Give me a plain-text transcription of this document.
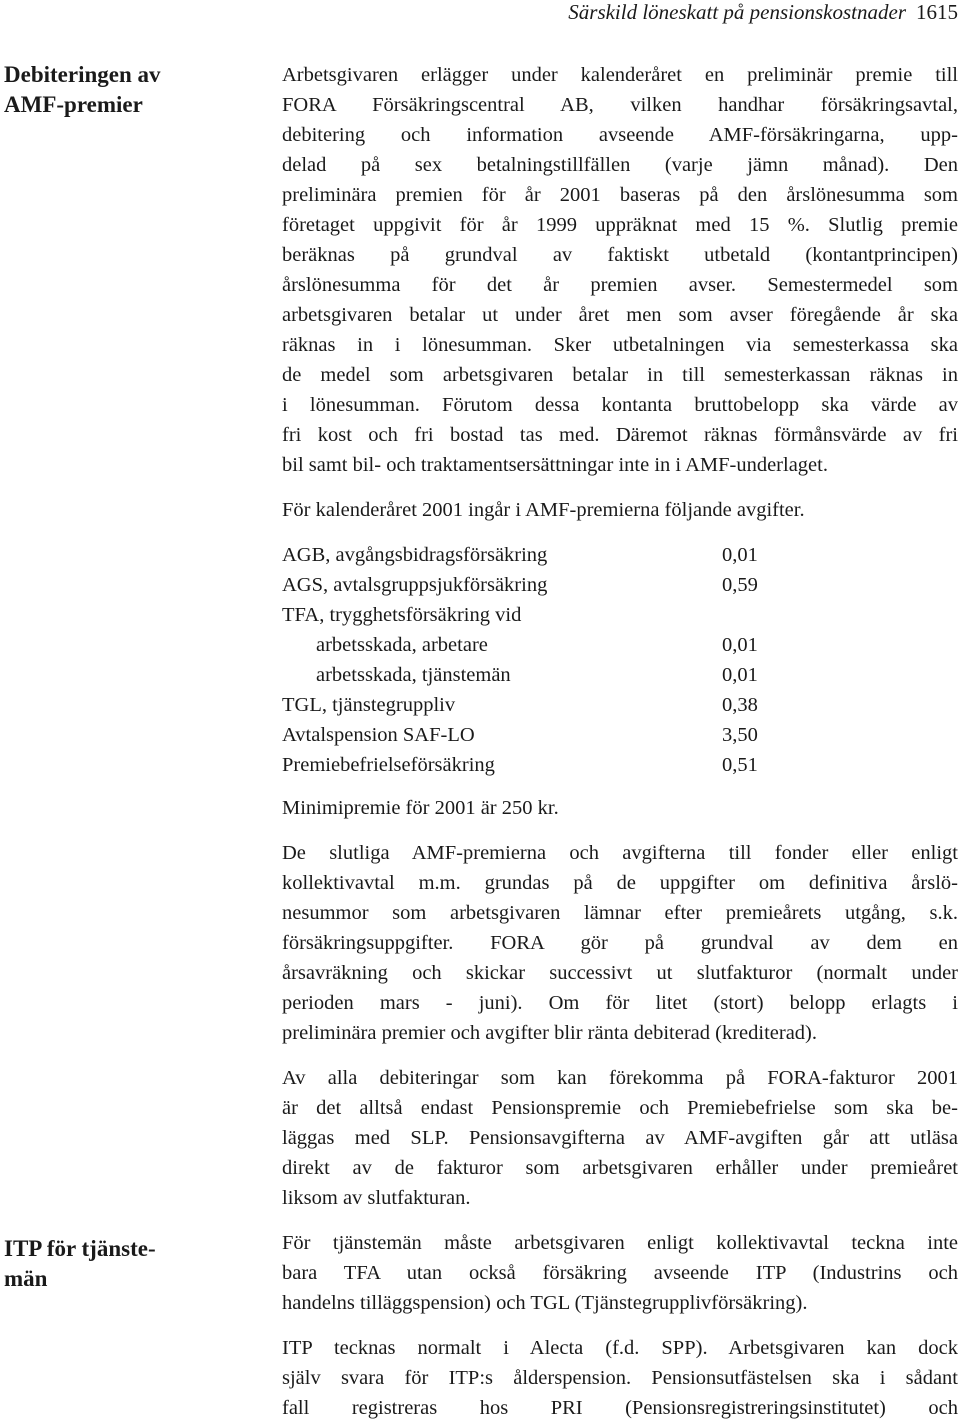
Särskild löneskatt på pensionskostnader 1615
Debiteringen av
AMF-premier
ITP för tjänste-
män
Arbetsgivaren erlägger under kalenderåret en preliminär premie till
FORA Försäkringscentral AB, vilken handhar försäkringsavtal,
debitering och information avseende AMF-försäkringarna, upp-
delad på sex betalningstillfällen (varje jämn månad). Den
preliminära premien för år 2001 baseras på den årslönesumma som
företaget uppgivit för år 1999 uppräknat med 15 %. Slutlig premie
beräknas på grundval av faktiskt utbetald (kontantprincipen)
årslönesumma för det år premien avser. Semestermedel som
arbetsgivaren betalar ut under året men som avser föregående år ska
räknas in i lönesumman. Sker utbetalningen via semesterkassa ska
de medel som arbetsgivaren betalar in till semesterkassan räknas in
i lönesumman. Förutom dessa kontanta bruttobelopp ska värde av
fri kost och fri bostad tas med. Däremot räknas förmånsvärde av fri
bil samt bil- och traktamentsersättningar inte in i AMF-underlaget.
För kalenderåret 2001 ingår i AMF-premierna följande avgifter.
AGB, avgångsbidragsförsäkring	0,01
AGS, avtalsgruppsjukförsäkring	0,59
TFA, trygghetsförsäkring vid
arbetsskada, arbetare	0,01
arbetsskada, tjänstemän	0,01
TGL, tjänstegruppliv	0,38
Avtalspension SAF-LO	3,50
Premiebefrielseförsäkring	0,51
Minimipremie för 2001 är 250 kr.
De slutliga AMF-premierna och avgifterna till fonder eller enligt
kollektivavtal m.m. grundas på de uppgifter om definitiva årslö-
nesummor som arbetsgivaren lämnar efter premieårets utgång, s.k.
försäkringsuppgifter. FORA gör på grundval av dem en
årsavräkning och skickar successivt ut slutfakturor (normalt under
perioden mars - juni). Om för litet (stort) belopp erlagts i
preliminära premier och avgifter blir ränta debiterad (krediterad).
Av alla debiteringar som kan förekomma på FORA-fakturor 2001
är det alltså endast Pensionspremie och Premiebefrielse som ska be-
läggas med SLP. Pensionsavgifterna av AMF-avgiften går att utläsa
direkt av de fakturor som arbetsgivaren erhåller under premieåret
liksom av slutfakturan.
För tjänstemän måste arbetsgivaren enligt kollektivavtal teckna inte
bara TFA utan också försäkring avseende ITP (Industrins och
handelns tilläggspension) och TGL (Tjänstegrupplivförsäkring).
ITP tecknas normalt i Alecta (f.d. SPP). Arbetsgivaren kan dock
själv svara för ITP:s ålderspension. Pensionsutfästelsen ska i sådant
fall registreras hos PRI (Pensionsregistreringsinstitutet) och
